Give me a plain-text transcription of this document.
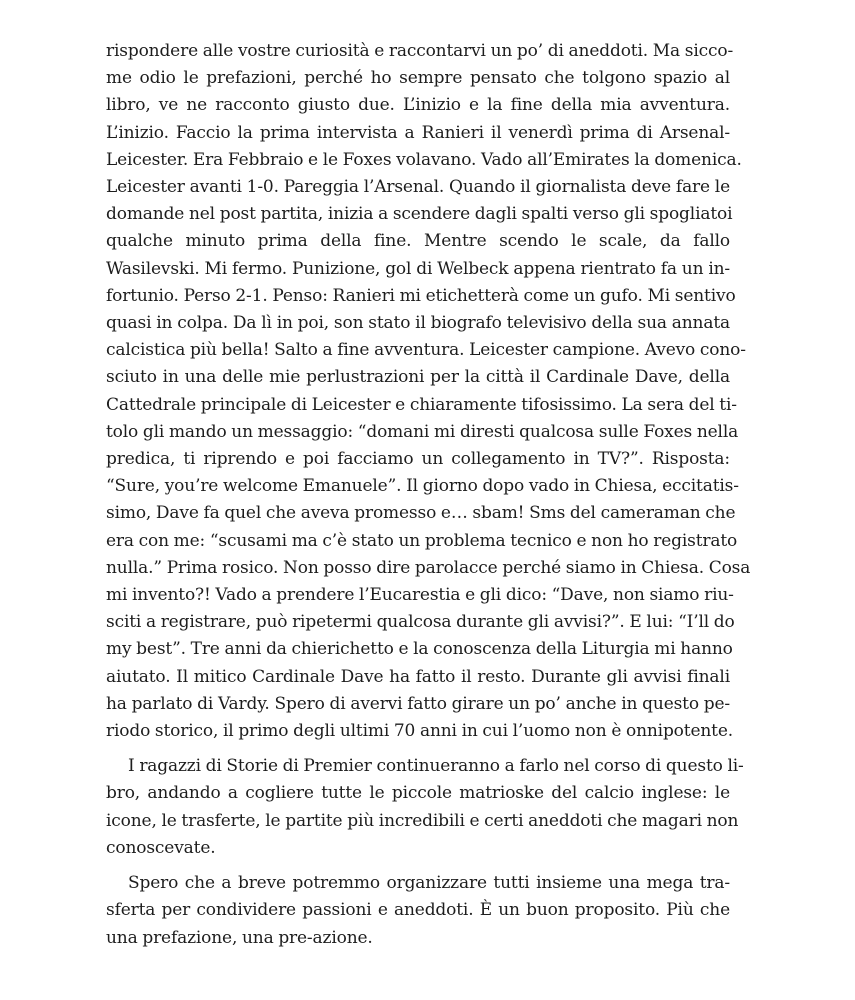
rispondere alle vostre curiosità e raccontarvi un po’ di aneddoti. Ma sicco-
me odio le prefazioni, perché ho sempre pensato che tolgono spazio al
libro, ve ne racconto giusto due. L’inizio e la fine della mia avventura.
L’inizio. Faccio la prima intervista a Ranieri il venerdì prima di Arsenal-
Leicester. Era Febbraio e le Foxes volavano. Vado all’Emirates la domenica.
Leicester avanti 1-0. Pareggia l’Arsenal. Quando il giornalista deve fare le
domande nel post partita, inizia a scendere dagli spalti verso gli spogliatoi
qualche minuto prima della fine. Mentre scendo le scale, da fallo
Wasilevski. Mi fermo. Punizione, gol di Welbeck appena rientrato fa un in-
fortunio. Perso 2-1. Penso: Ranieri mi etichetterà come un gufo. Mi sentivo
quasi in colpa. Da lì in poi, son stato il biografo televisivo della sua annata
calcistica più bella! Salto a fine avventura. Leicester campione. Avevo cono-
sciuto in una delle mie perlustrazioni per la città il Cardinale Dave, della
Cattedrale principale di Leicester e chiaramente tifosissimo. La sera del ti-
tolo gli mando un messaggio: “domani mi diresti qualcosa sulle Foxes nella
predica, ti riprendo e poi facciamo un collegamento in TV?”. Risposta:
“Sure, you’re welcome Emanuele”. Il giorno dopo vado in Chiesa, eccitatis-
simo, Dave fa quel che aveva promesso e… sbam! Sms del cameraman che
era con me: “scusami ma c’è stato un problema tecnico e non ho registrato
nulla.” Prima rosico. Non posso dire parolacce perché siamo in Chiesa. Cosa
mi invento?! Vado a prendere l’Eucarestia e gli dico: “Dave, non siamo riu-
sciti a registrare, può ripetermi qualcosa durante gli avvisi?”. E lui: “I’ll do
my best”. Tre anni da chierichetto e la conoscenza della Liturgia mi hanno
aiutato. Il mitico Cardinale Dave ha fatto il resto. Durante gli avvisi finali
ha parlato di Vardy. Spero di avervi fatto girare un po’ anche in questo pe-
riodo storico, il primo degli ultimi 70 anni in cui l’uomo non è onnipotente.
I ragazzi di Storie di Premier continueranno a farlo nel corso di questo li-
bro, andando a cogliere tutte le piccole matrioske del calcio inglese: le
icone, le trasferte, le partite più incredibili e certi aneddoti che magari non
conoscevate.
Spero che a breve potremmo organizzare tutti insieme una mega tra-
sferta per condividere passioni e aneddoti. È un buon proposito. Più che
una prefazione, una pre-azione.
